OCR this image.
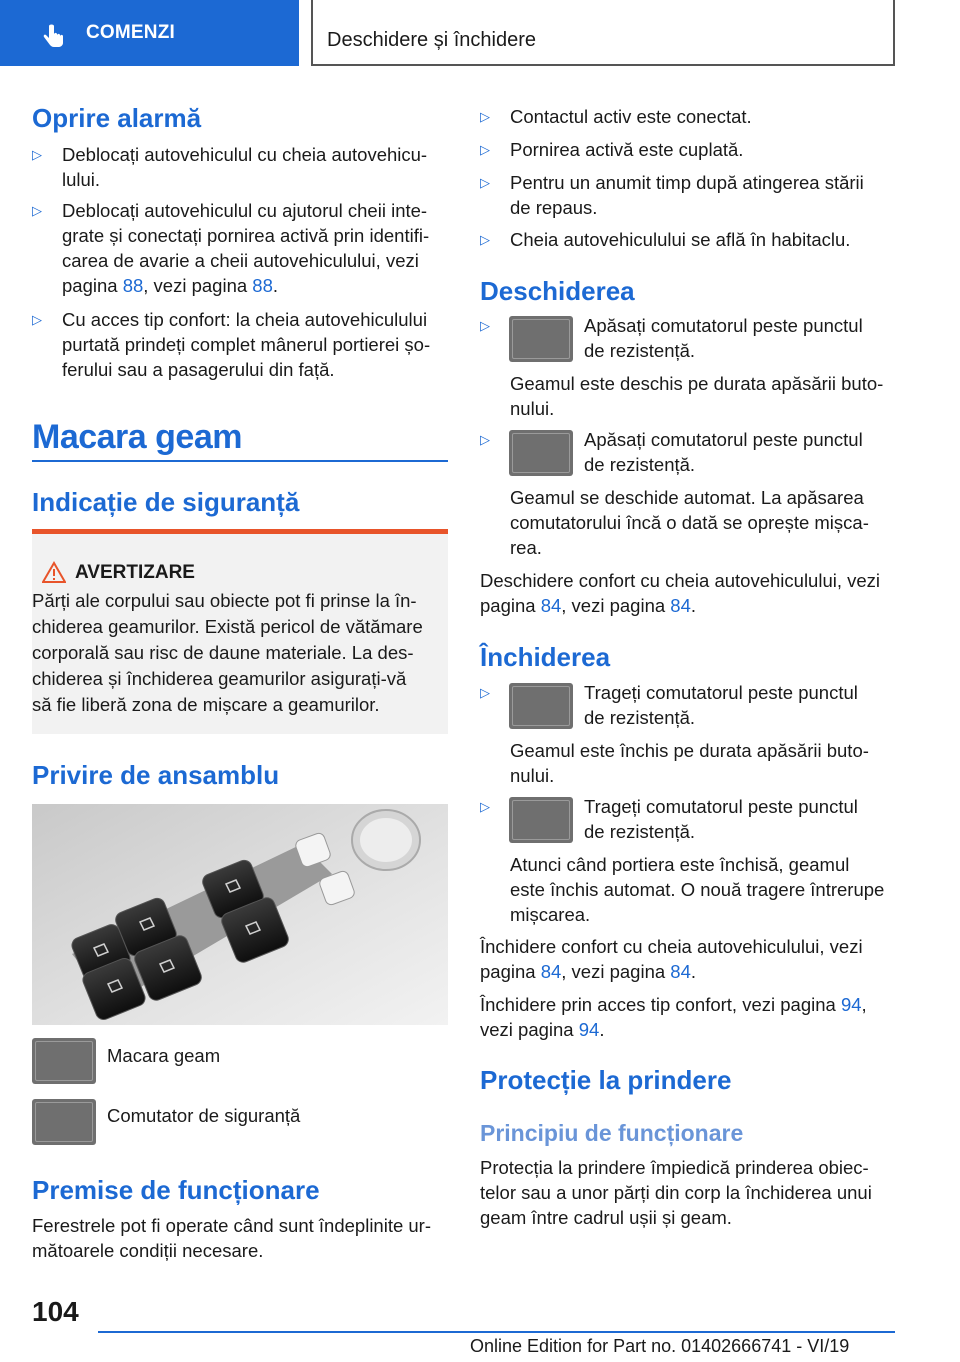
COMENZI	Deschidere și închidere
Oprire alarmă
▷ Deblocați autovehiculul cu cheia autovehicu-
lului.
▷ Deblocați autovehiculul cu ajutorul cheii inte-
grate și conectați pornirea activă prin identifi-
carea de avarie a cheii autovehiculului, vezi
pagina 88, vezi pagina 88.
▷ Cu acces tip confort: la cheia autovehiculului
purtată prindeți complet mânerul portierei șo-
ferului sau a pasagerului din față.
Macara geam
Indicație de siguranță
AVERTIZARE
Părți ale corpului sau obiecte pot fi prinse la în-
chiderea geamurilor. Există pericol de vătămare
corporală sau risc de daune materiale. La des-
chiderea și închiderea geamurilor asigurați-vă
să fie liberă zona de mișcare a geamurilor.
Privire de ansamblu
Macara geam
Comutator de siguranță
Premise de funcționare
Ferestrele pot fi operate când sunt îndeplinite ur-
mătoarele condiții necesare.
▷ Contactul activ este conectat.
▷ Pornirea activă este cuplată.
▷ Pentru un anumit timp după atingerea stării
de repaus.
▷ Cheia autovehiculului se află în habitaclu.
Deschiderea
▷	Apăsați comutatorul peste punctul
de rezistență.
Geamul este deschis pe durata apăsării buto-
nului.
▷	Apăsați comutatorul peste punctul
de rezistență.
Geamul se deschide automat. La apăsarea
comutatorului încă o dată se oprește mișca-
rea.
Deschidere confort cu cheia autovehiculului, vezi
pagina 84, vezi pagina 84.
Închiderea
▷	Trageți comutatorul peste punctul
de rezistență.
Geamul este închis pe durata apăsării buto-
nului.
▷	Trageți comutatorul peste punctul
de rezistență.
Atunci când portiera este închisă, geamul
este închis automat. O nouă tragere întrerupe
mișcarea.
Închidere confort cu cheia autovehiculului, vezi
pagina 84, vezi pagina 84.
Închidere prin acces tip confort, vezi pagina 94,
vezi pagina 94.
Protecție la prindere
Principiu de funcționare
Protecția la prindere împiedică prinderea obiec-
telor sau a unor părți din corp la închiderea unui
geam între cadrul ușii și geam.
104
Online Edition for Part no. 01402666741 - VI/19
